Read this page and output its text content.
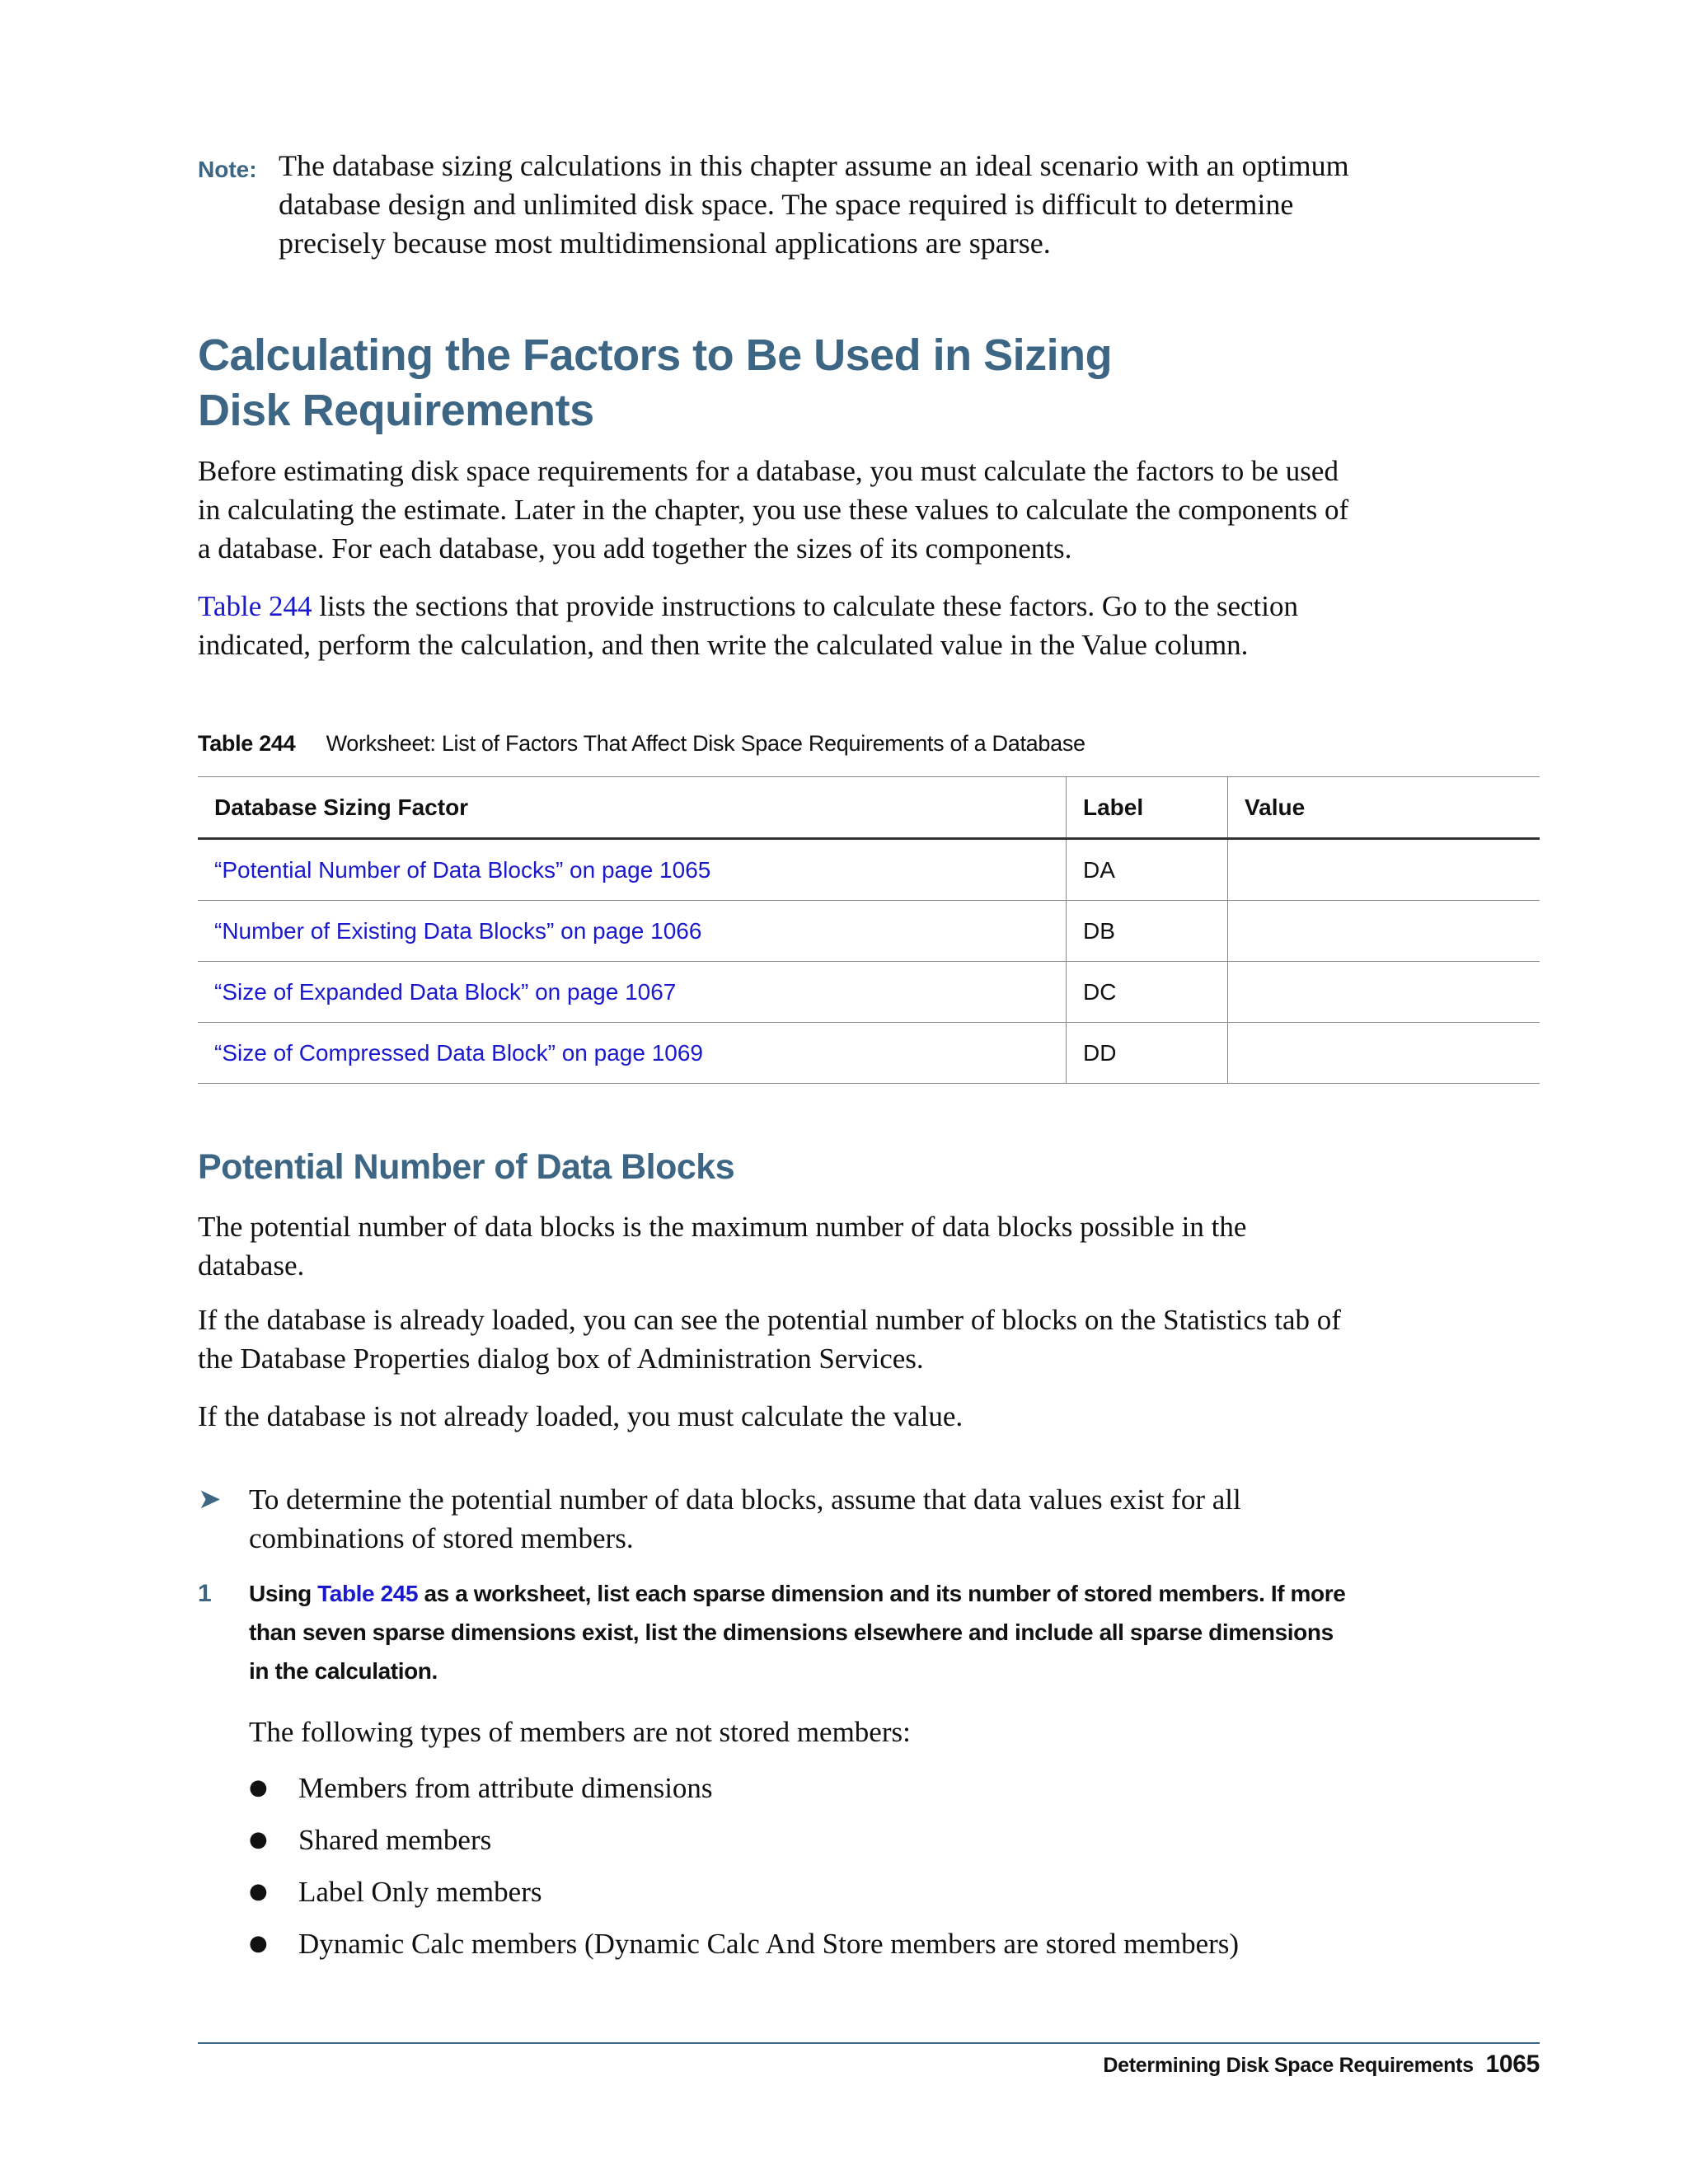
Note: The database sizing calculations in this chapter assume an ideal scenario with an optimum database design and unlimited disk space. The space required is difficult to determine precisely because most multidimensional applications are sparse.
Calculating the Factors to Be Used in Sizing Disk Requirements

Before estimating disk space requirements for a database, you must calculate the factors to be used in calculating the estimate. Later in the chapter, you use these values to calculate the components of a database. For each database, you add together the sizes of its components.

Table 244 lists the sections that provide instructions to calculate these factors. Go to the section indicated, perform the calculation, and then write the calculated value in the Value column.

Table 244 Worksheet: List of Factors That Affect Disk Space Requirements of a Database
Database Sizing Factor	Label	Value
“Potential Number of Data Blocks” on page 1065	DA	
“Number of Existing Data Blocks” on page 1066	DB	
“Size of Expanded Data Block” on page 1067	DC	
“Size of Compressed Data Block” on page 1069	DD	
Potential Number of Data Blocks

The potential number of data blocks is the maximum number of data blocks possible in the database.

If the database is already loaded, you can see the potential number of blocks on the Statistics tab of the Database Properties dialog box of Administration Services.

If the database is not already loaded, you must calculate the value.

➤ To determine the potential number of data blocks, assume that data values exist for all combinations of stored members.
1	Using Table 245 as a worksheet, list each sparse dimension and its number of stored members. If more than seven sparse dimensions exist, list the dimensions elsewhere and include all sparse dimensions in the calculation.

The following types of members are not stored members:

●	Members from attribute dimensions
●	Shared members
●	Label Only members
●	Dynamic Calc members (Dynamic Calc And Store members are stored members)
Determining Disk Space Requirements 1065
